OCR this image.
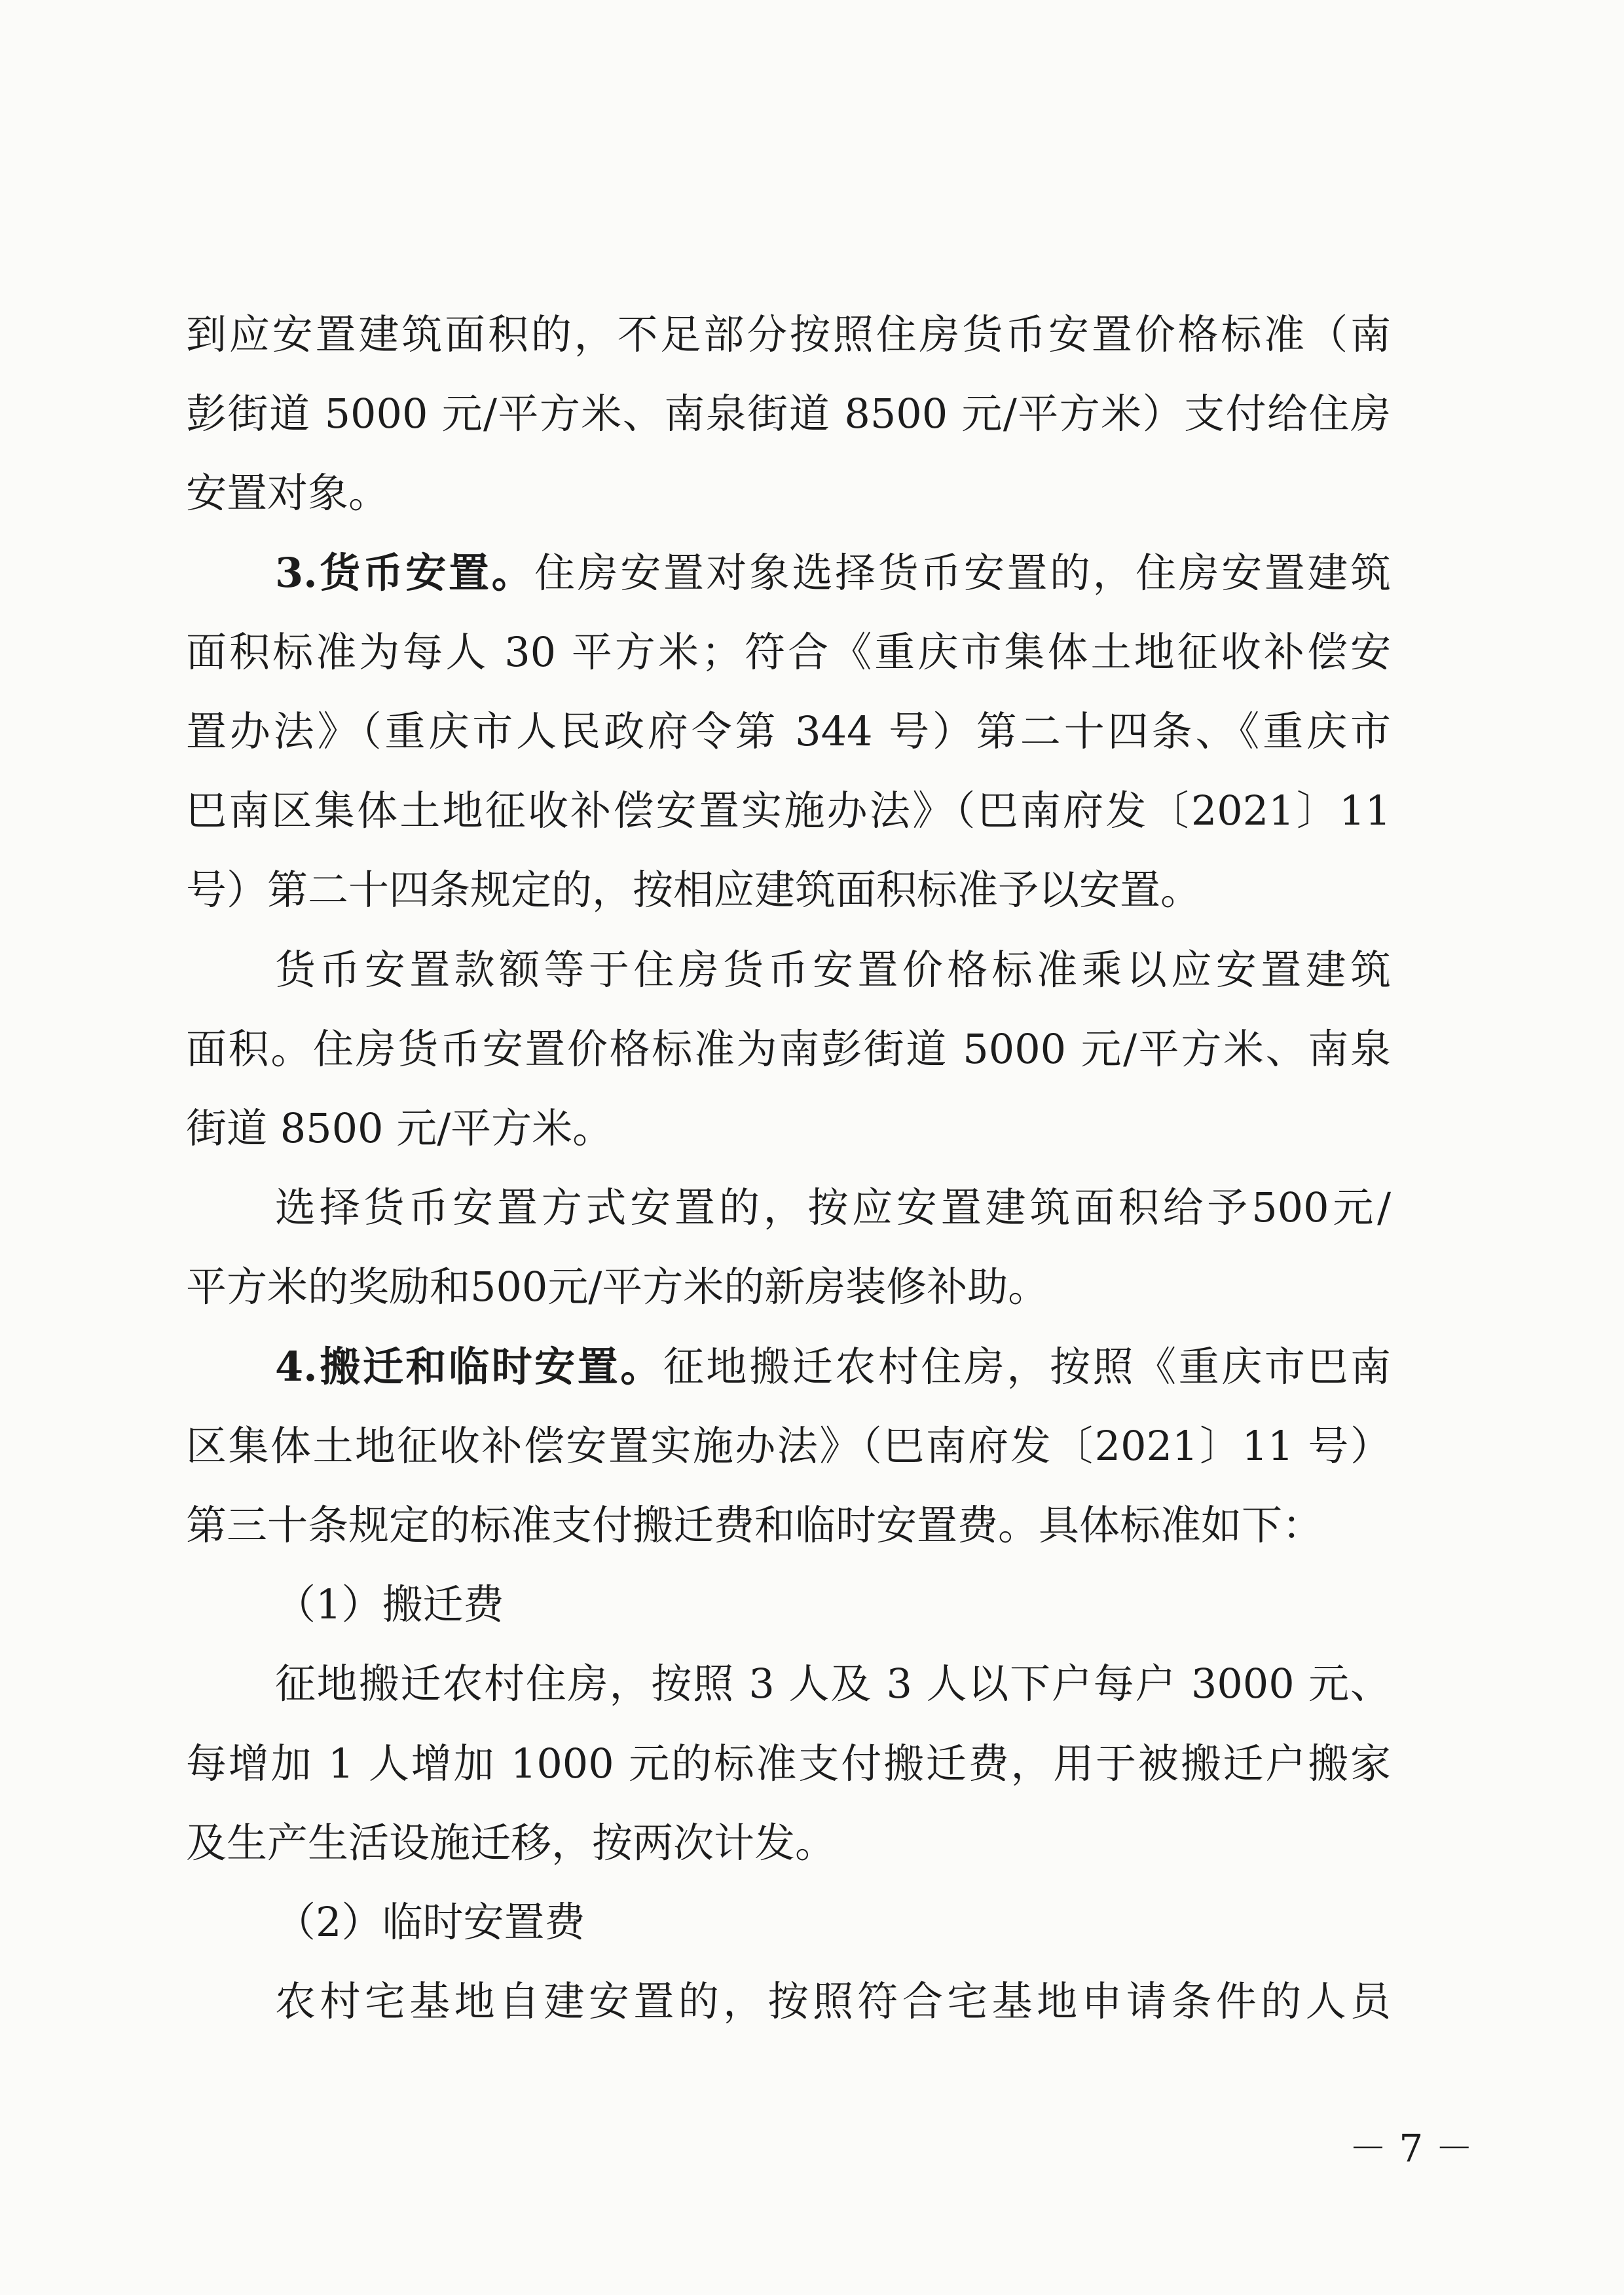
到应安置建筑面积的，不足部分按照住房货币安置价格标准（南
彭街道 5000 元/平方米、南泉街道 8500 元/平方米）支付给住房
安置对象。
3.货币安置。住房安置对象选择货币安置的，住房安置建筑
面积标准为每人 30 平方米；符合《重庆市集体土地征收补偿安
置办法》（重庆市人民政府令第 344 号）第二十四条、《重庆市
巴南区集体土地征收补偿安置实施办法》（巴南府发〔2021〕11
号）第二十四条规定的，按相应建筑面积标准予以安置。
货币安置款额等于住房货币安置价格标准乘以应安置建筑
面积。住房货币安置价格标准为南彭街道 5000 元/平方米、南泉
街道 8500 元/平方米。
选择货币安置方式安置的，按应安置建筑面积给予500元/
平方米的奖励和500元/平方米的新房装修补助。
4.搬迁和临时安置。征地搬迁农村住房，按照《重庆市巴南
区集体土地征收补偿安置实施办法》（巴南府发〔2021〕11 号）
第三十条规定的标准支付搬迁费和临时安置费。具体标准如下：
（1）搬迁费
征地搬迁农村住房，按照 3 人及 3 人以下户每户 3000 元、
每增加 1 人增加 1000 元的标准支付搬迁费，用于被搬迁户搬家
及生产生活设施迁移，按两次计发。
（2）临时安置费
农村宅基地自建安置的，按照符合宅基地申请条件的人员
－ 7 －
